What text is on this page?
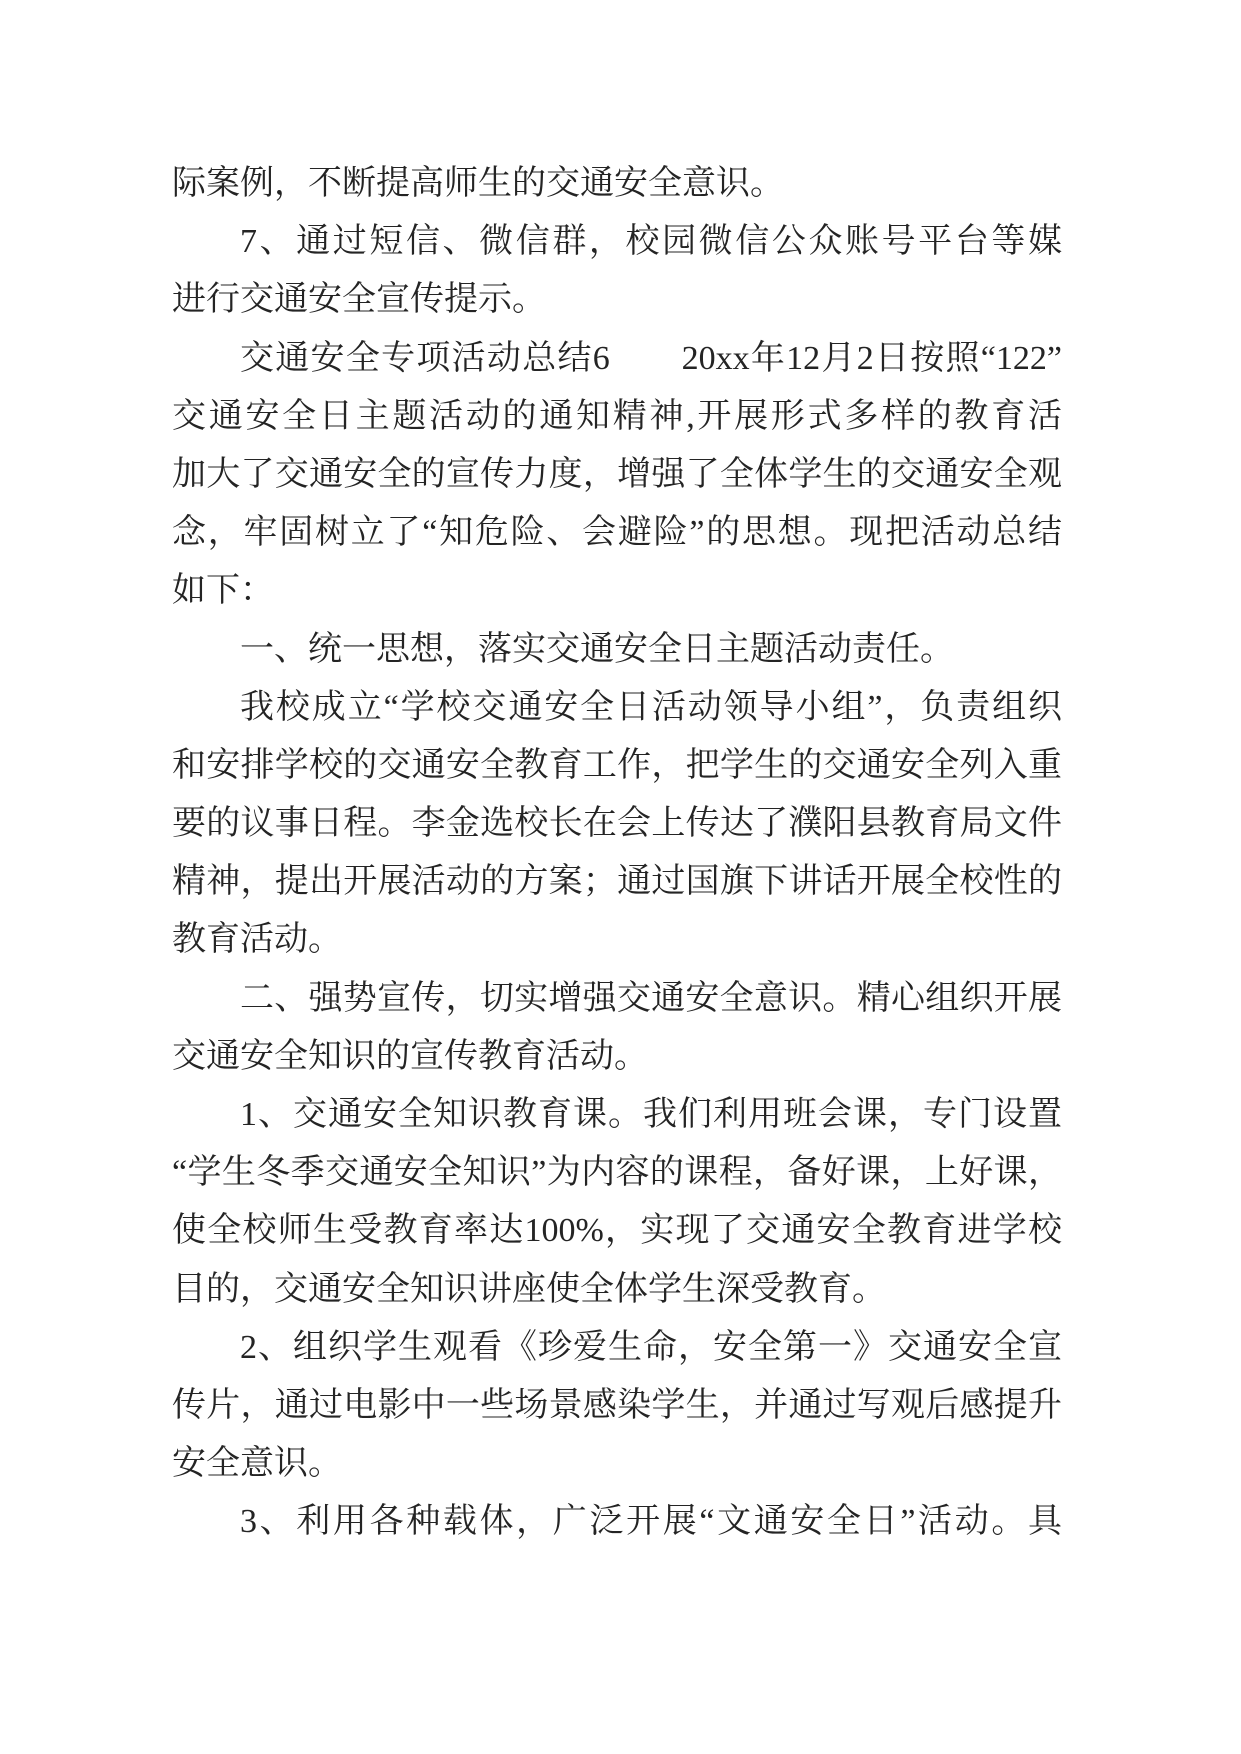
际案例，不断提高师生的交通安全意识。
7、通过短信、微信群，校园微信公众账号平台等媒
进行交通安全宣传提示。
交通安全专项活动总结6　　20xx年12月2日按照“122”
交通安全日主题活动的通知精神,开展形式多样的教育活
加大了交通安全的宣传力度，增强了全体学生的交通安全观
念，牢固树立了“知危险、会避险”的思想。现把活动总结
如下：
一、统一思想，落实交通安全日主题活动责任。
我校成立“学校交通安全日活动领导小组”，负责组织
和安排学校的交通安全教育工作，把学生的交通安全列入重
要的议事日程。李金选校长在会上传达了濮阳县教育局文件
精神，提出开展活动的方案；通过国旗下讲话开展全校性的
教育活动。
二、强势宣传，切实增强交通安全意识。精心组织开展
交通安全知识的宣传教育活动。
1、交通安全知识教育课。我们利用班会课，专门设置
“学生冬季交通安全知识”为内容的课程，备好课，上好课，
使全校师生受教育率达100%，实现了交通安全教育进学校
目的，交通安全知识讲座使全体学生深受教育。
2、组织学生观看《珍爱生命，安全第一》交通安全宣
传片，通过电影中一些场景感染学生，并通过写观后感提升
安全意识。
3、利用各种载体，广泛开展“文通安全日”活动。具
